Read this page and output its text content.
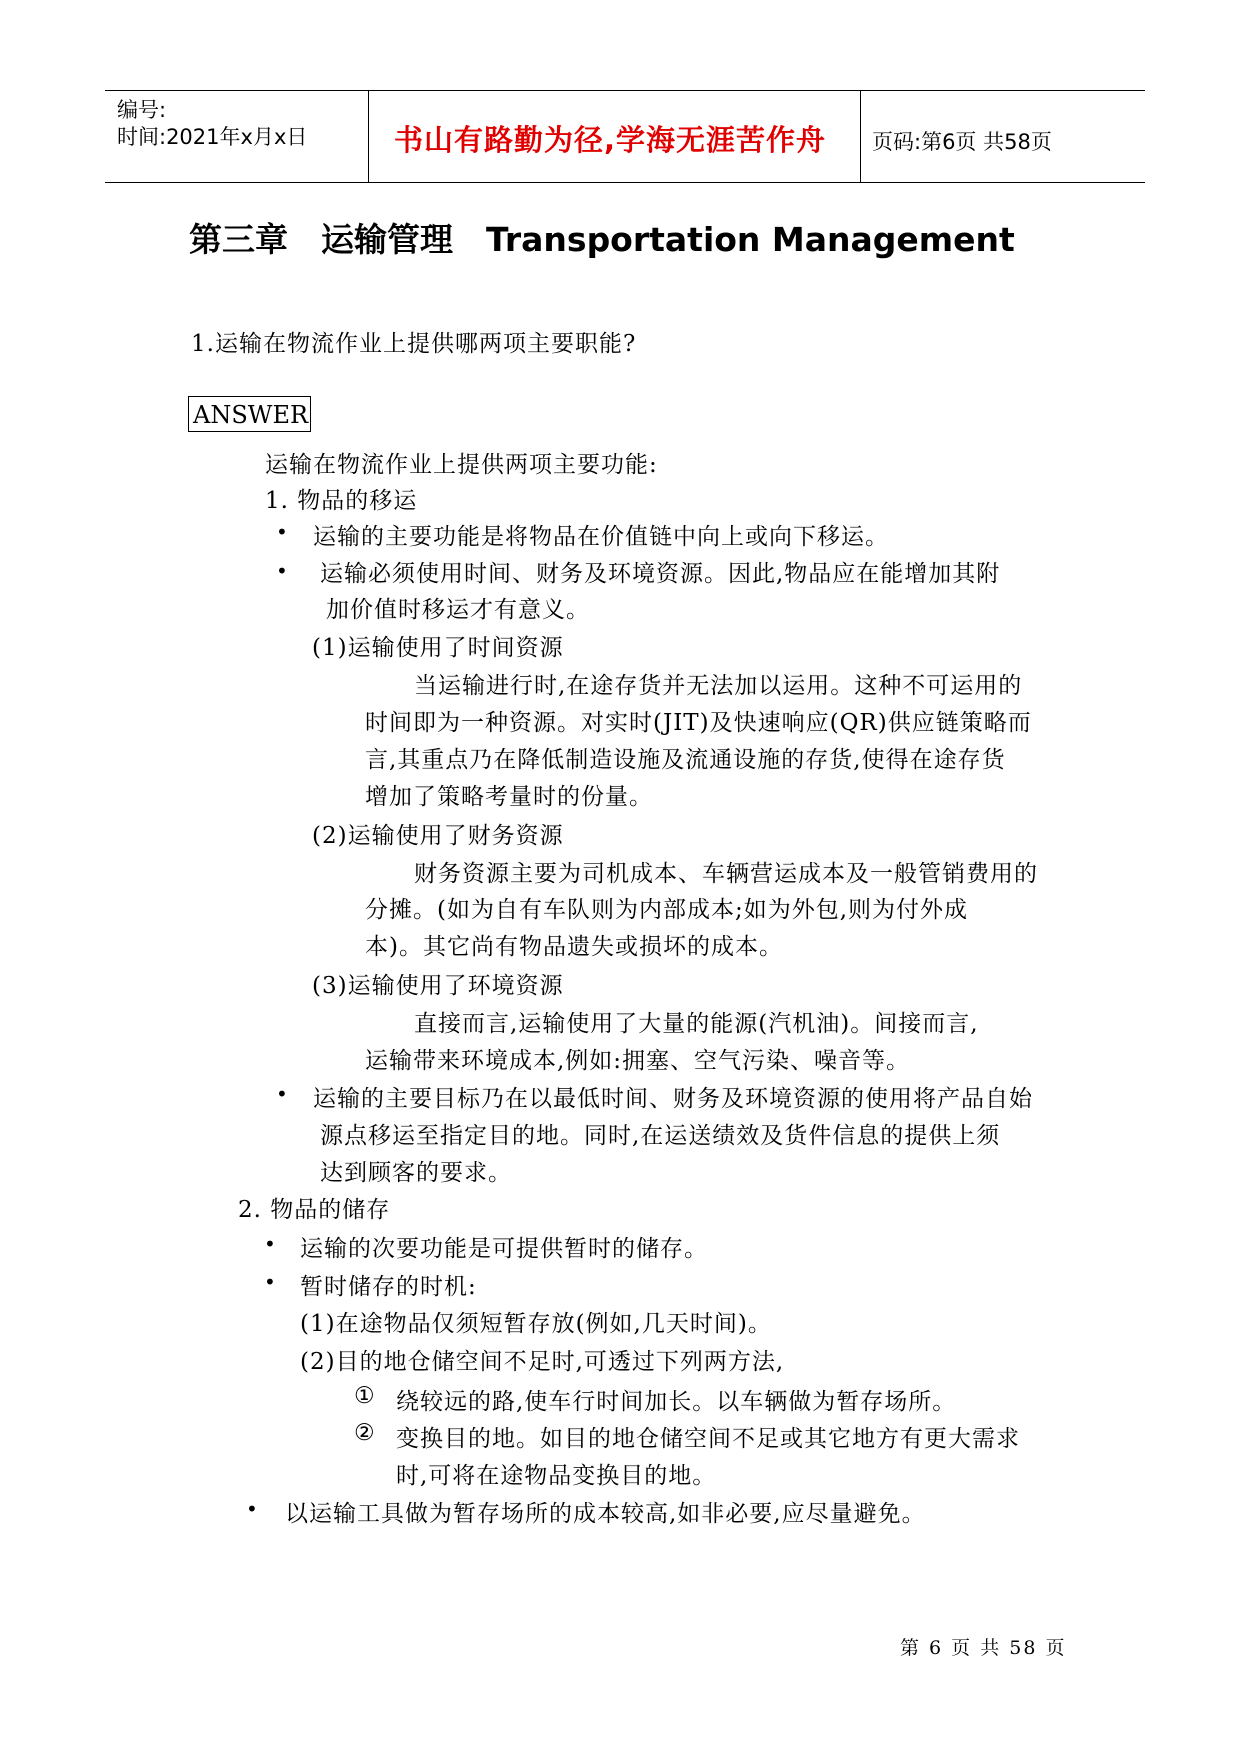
编号:
时间:2021年x月x日	书山有路勤为径,学海无涯苦作舟 页码:第6页 共58页
第三章　运输管理　Transportation Management
1.运输在物流作业上提供哪两项主要职能?
ANSWER
运输在物流作业上提供两项主要功能:
1. 物品的移运
• 运输的主要功能是将物品在价值链中向上或向下移运。
• 运输必须使用时间、财务及环境资源。因此,物品应在能增加其附
加价值时移运才有意义。
(1)运输使用了时间资源
当运输进行时,在途存货并无法加以运用。这种不可运用的
时间即为一种资源。对实时(JIT)及快速响应(QR)供应链策略而
言,其重点乃在降低制造设施及流通设施的存货,使得在途存货
增加了策略考量时的份量。
(2)运输使用了财务资源
财务资源主要为司机成本、车辆营运成本及一般管销费用的
分摊。(如为自有车队则为内部成本;如为外包,则为付外成
本)。其它尚有物品遗失或损坏的成本。
(3)运输使用了环境资源
直接而言,运输使用了大量的能源(汽机油)。间接而言,
运输带来环境成本,例如:拥塞、空气污染、噪音等。
• 运输的主要目标乃在以最低时间、财务及环境资源的使用将产品自始
源点移运至指定目的地。同时,在运送绩效及货件信息的提供上须
达到顾客的要求。
2. 物品的储存
• 运输的次要功能是可提供暂时的储存。
• 暂时储存的时机:
(1)在途物品仅须短暂存放(例如,几天时间)。
(2)目的地仓储空间不足时,可透过下列两方法,
① 绕较远的路,使车行时间加长。以车辆做为暂存场所。
② 变换目的地。如目的地仓储空间不足或其它地方有更大需求
时,可将在途物品变换目的地。
• 以运输工具做为暂存场所的成本较高,如非必要,应尽量避免。
第 6 页 共 58 页
